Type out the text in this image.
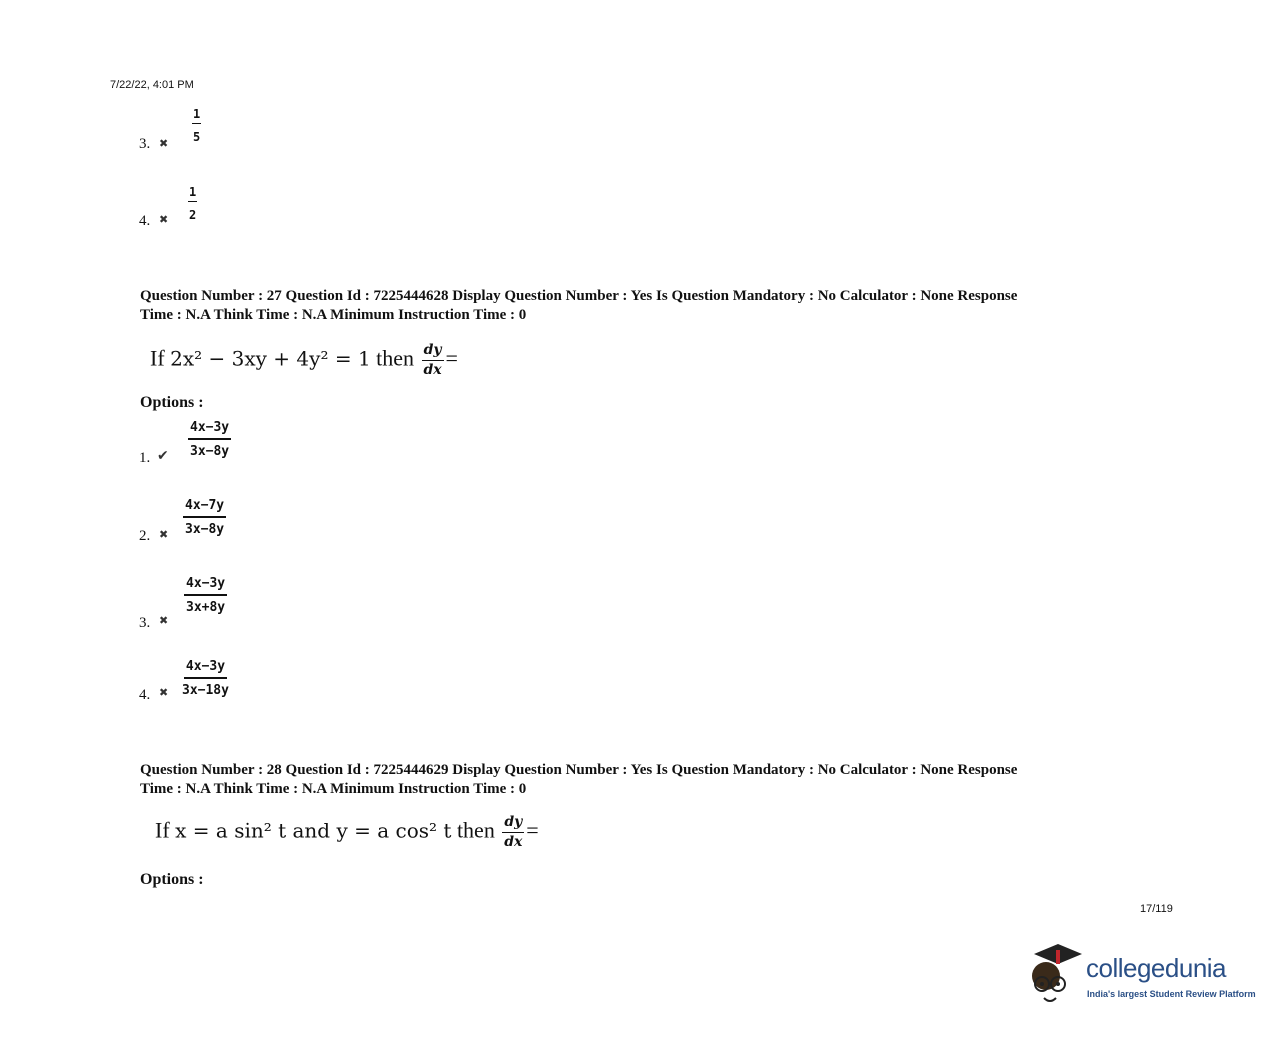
7/22/22, 4:01 PM
3. ✖ $\frac{1}{5}$
4. ✖ $\frac{1}{2}$
Question Number : 27 Question Id : 7225444628 Display Question Number : Yes Is Question Mandatory : No Calculator : None Response
Time : N.A Think Time : N.A Minimum Instruction Time : 0
If 2x² − 3xy + 4y² = 1 then $\frac{dy}{dx}$ =
Options :
1. ✔ $\frac{4x-3y}{3x-8y}$
2. ✖ $\frac{4x-7y}{3x-8y}$
3. ✖
$\frac{4x-3y}{3x+8y}$
4. ✖ $\frac{4x-3y}{3x-18y}$
Question Number : 28 Question Id : 7225444629 Display Question Number : Yes Is Question Mandatory : No Calculator : None Response
Time : N.A Think Time : N.A Minimum Instruction Time : 0
If x = a sin² t and y = a cos² t then $\frac{dy}{dx}$ =
Options :
17/119
collegedunia
India's largest Student Review Platform
